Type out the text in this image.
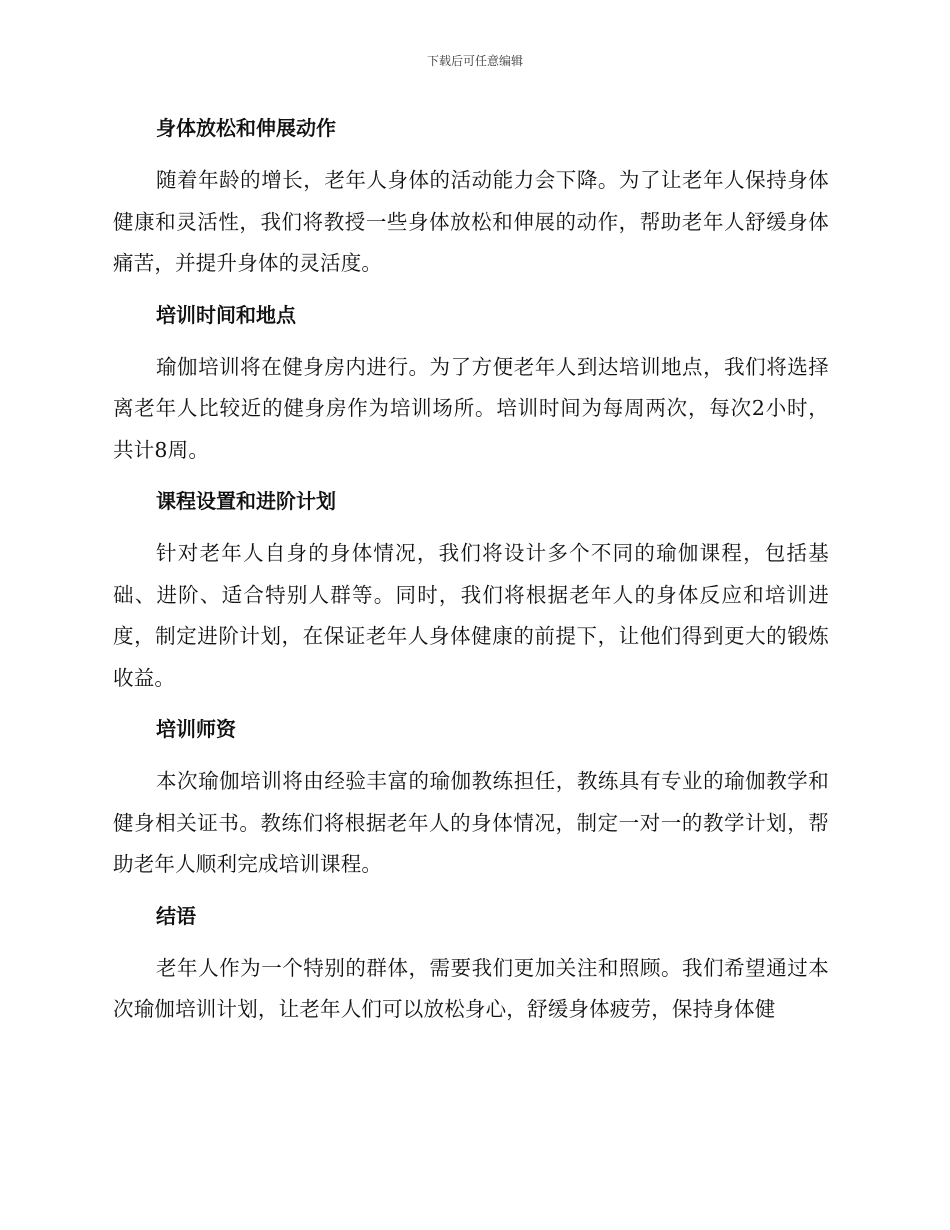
下载后可任意编辑
身体放松和伸展动作

随着年龄的增长，老年人身体的活动能力会下降。为了让老年人保持身体健康和灵活性，我们将教授一些身体放松和伸展的动作，帮助老年人舒缓身体痛苦，并提升身体的灵活度。

培训时间和地点

瑜伽培训将在健身房内进行。为了方便老年人到达培训地点，我们将选择离老年人比较近的健身房作为培训场所。培训时间为每周两次，每次2小时，共计8周。

课程设置和进阶计划

针对老年人自身的身体情况，我们将设计多个不同的瑜伽课程，包括基础、进阶、适合特别人群等。同时，我们将根据老年人的身体反应和培训进度，制定进阶计划，在保证老年人身体健康的前提下，让他们得到更大的锻炼收益。

培训师资

本次瑜伽培训将由经验丰富的瑜伽教练担任，教练具有专业的瑜伽教学和健身相关证书。教练们将根据老年人的身体情况，制定一对一的教学计划，帮助老年人顺利完成培训课程。

结语

老年人作为一个特别的群体，需要我们更加关注和照顾。我们希望通过本次瑜伽培训计划，让老年人们可以放松身心，舒缓身体疲劳，保持身体健
